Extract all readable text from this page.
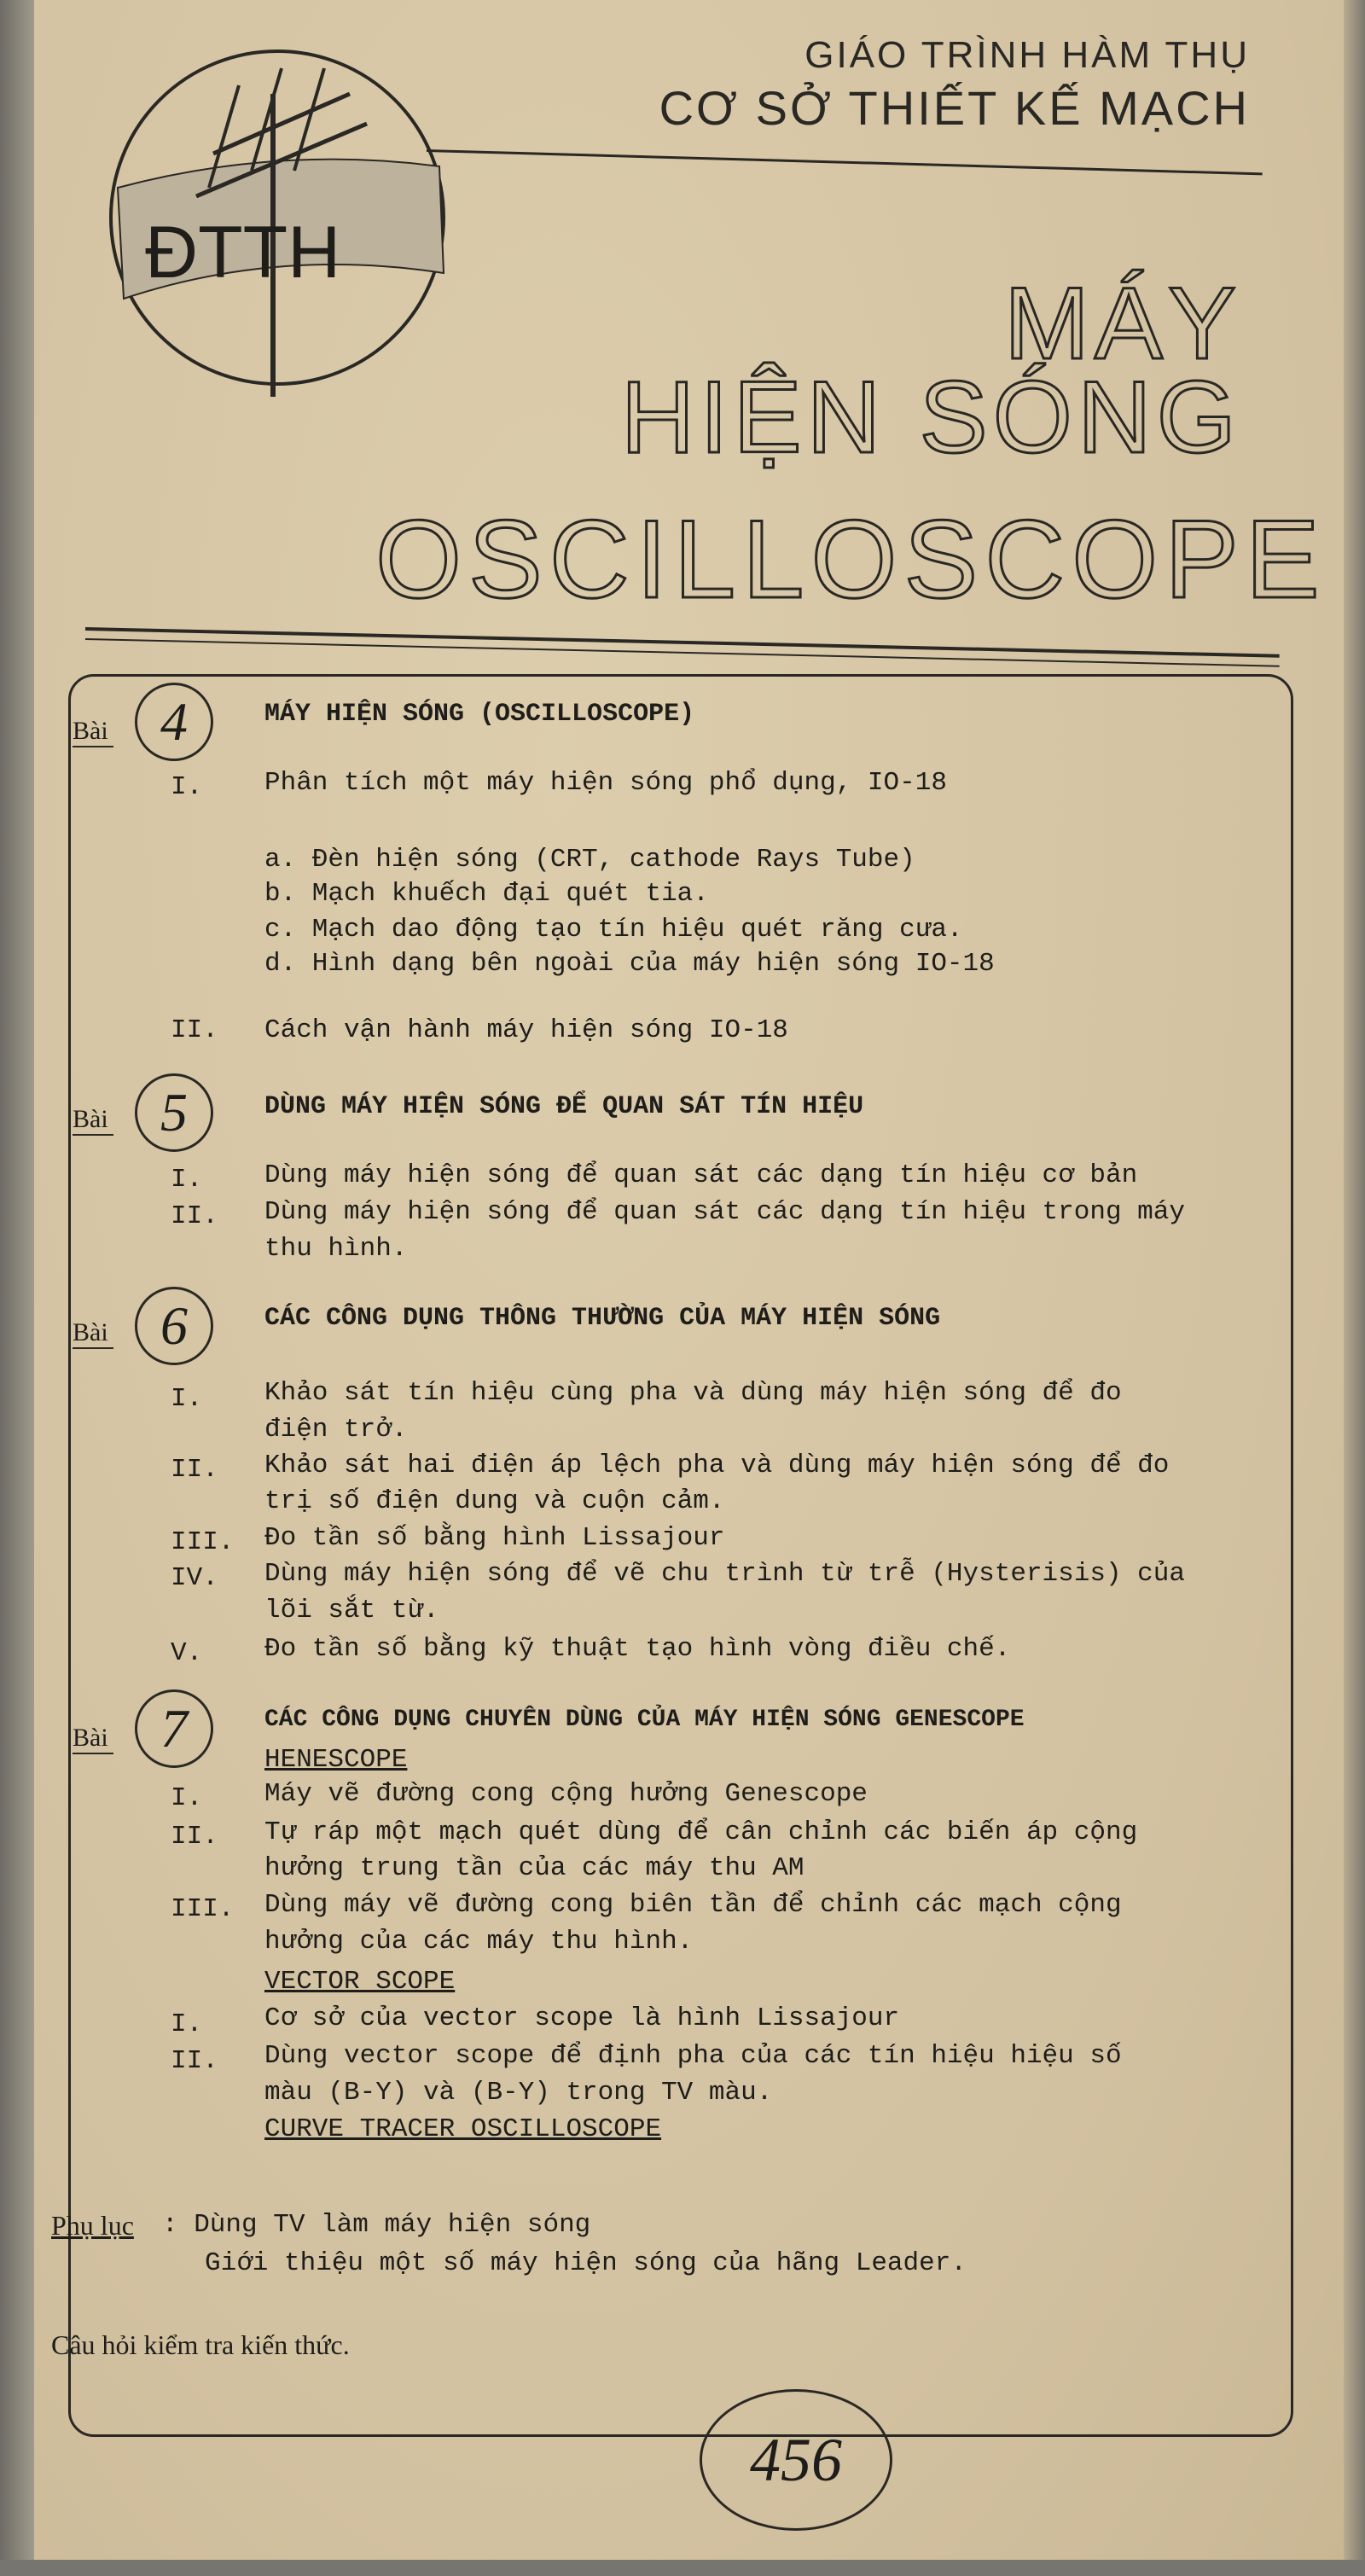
ĐTTH
GIÁO TRÌNH HÀM THỤ
CƠ SỞ THIẾT KẾ MẠCH
MÁY
HIỆN SÓNG
OSCILLOSCOPE
Bài 4	MÁY HIỆN SÓNG (OSCILLOSCOPE)
I. Phân tích một máy hiện sóng phổ dụng, IO-18
a. Đèn hiện sóng (CRT, cathode Rays Tube)
b. Mạch khuếch đại quét tia.
c. Mạch dao động tạo tín hiệu quét răng cưa.
d. Hình dạng bên ngoài của máy hiện sóng IO-18
II. Cách vận hành máy hiện sóng IO-18
Bài 5	DÙNG MÁY HIỆN SÓNG ĐỂ QUAN SÁT TÍN HIỆU
I. Dùng máy hiện sóng để quan sát các dạng tín hiệu cơ bản
II. Dùng máy hiện sóng để quan sát các dạng tín hiệu trong máy
thu hình.
Bài 6	CÁC CÔNG DỤNG THÔNG THƯỜNG CỦA MÁY HIỆN SÓNG
I. Khảo sát tín hiệu cùng pha và dùng máy hiện sóng để đo
điện trở.
II. Khảo sát hai điện áp lệch pha và dùng máy hiện sóng để đo
trị số điện dung và cuộn cảm.
III. Đo tần số bằng hình Lissajour
IV. Dùng máy hiện sóng để vẽ chu trình từ trễ (Hysterisis) của
lõi sắt từ.
V. Đo tần số bằng kỹ thuật tạo hình vòng điều chế.
Bài 7	CÁC CÔNG DỤNG CHUYÊN DÙNG CỦA MÁY HIỆN SÓNG GENESCOPE
HENESCOPE
I. Máy vẽ đường cong cộng hưởng Genescope
II. Tự ráp một mạch quét dùng để cân chỉnh các biến áp cộng
hưởng trung tần của các máy thu AM
III. Dùng máy vẽ đường cong biên tần để chỉnh các mạch cộng
hưởng của các máy thu hình.
VECTOR SCOPE
I. Cơ sở của vector scope là hình Lissajour
II. Dùng vector scope để định pha của các tín hiệu hiệu số
màu (B-Y) và (B-Y) trong TV màu.
CURVE TRACER OSCILLOSCOPE
Phụ lục : Dùng TV làm máy hiện sóng
Giới thiệu một số máy hiện sóng của hãng Leader.
Câu hỏi kiểm tra kiến thức.
456
